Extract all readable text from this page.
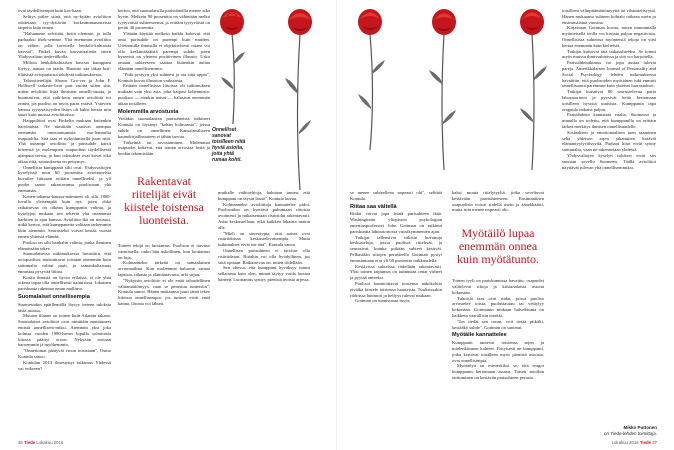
ovat täydellisempiä kuin kos-kaan.

Selitys piilee siinä, että ny-kyään avioliiton odotetaan tyy-dyttävän korkeammanasteisia tarpeita kuin ennen.

"Haluamme selvittää, keitä olemme, ja tulla parhaaksi itsek-semme. Yhä enemmän avioliitto on väline, jolla tavoitella henkilö-kohtaista kasvua", Finkel kuvaa kasvuvaatteita sitten Yhdysvaltain tiedevälkolla.

Milloin henkilökohtaisen kasvun kumppani löytyy, autuas on taattu. Huomio saa takaa brit-tiläisistä avioparisista tehdystä tutkimuksesta.

Taloustieteilijät Shawn Gro-ver ja John F. Helliwell tarkaste-livat pari vuotta sitten sitä, miten avioliitto lisää ihmisten onnelli-suutta, ja huomasivat, että vaik-kein onnen avioliitto toi onnea, jos puoliso on myös paras ystävä. Ystävien kanssa tyytyväisyyden lisäys oli kaksi kertaa niin suuri kuin muissa avioliitoissa.

Haippuliitot ovat Finkelin mukaan kuitenkin harvinaisia. Ne nimittäin vaativat aiempaa enemmän omistautumista mo-lemmilta osapuolilta. Sitä taas ei nykyihmisellä juuri riitä. Yhä useampi avioliitto ja parisuhde kärsii kiireestä ja molempien osapuolten täydellisestä ajanpuut-teesta, ja kun odotukset ovat kovat eikä aikaa riitä, seurauksena on pettymys.

Onnellisia kumppanit silti ovat: Yhdysvaltojen kyselyissä noin 60 prosenttia avioituneista kuvailee liittoaan erittäin onnelliseksi, ja yli puolet sanoo rakastavansa puolisoaan yhä enemmän.

Kenen-tahansa-kanssa-naiminen oli silti 1800-luvulla yleisempää kuin nyt, joten ehkä ratkaisevaa on oikean kumppanin valinta, ja kyselyjen mukaan sen tekevät yhä useammat harkiten ja ajan kanssa. Avioliitto-ikä on noussut, mikä kertoo, että kumppaneita valitaan tarkemmin kuin aiemmin. Seurustelut voivat kestää vuosia ennen yhteistä elämää.

Puoliso on silti hankalin valinta, jonka ihminen elämässään tekee.

Suomalaisessa tutkimuksessa havaittiin, että aviopuolisot muistuttavat toisiaan enemmän kuin sattumalta valitut parit, ja samankaltaisuus ennustaa pysyvää liittoa.

Koska ihmisiä on hyvin erilaisia, ei ole yhtä oikeaa tapaa olla onnellisesti naimisissa. Jokainen pariskunta rakentaa oman mallinsa.

Suomalaiset onnellisempia

Suomestakin epäillemällä löytyy tieteen tuloksia tästä asiasta.

Muuten tilanne on toinen kuin Atlantin takana. Suomalaiset avioliitot ovat nimittäin muuttuneet entistä onnellisem-miksi. Aiemmin yksi joka kolmas vuoden 1980-luvun lopulla solmitusta liitosta päättyi eroon. Nykyään erotaan harvemmin ja myöhemmin.

"Onnettomat päätyvät eroon toisistaan", Osmo Kontula sanoo.

Kontulan 2013 ilmestynyt tutkimus Yhdessä vai erikseen?

kertoo, että suomalaisilla parisuhteilla menee aika hyvin. Melkein 90 prosenttia on vähintään melko tyytyväisiä suhteeseensa, ja erittäin tyytyväisiä on peräti 40 prosenttia.

Ylätään käyttää melkein kaikki kokevat, että oma parisuhde on parempi kuin muiden. Useimmilla ihmisillä ei objektiivisesti ottaen voi olla keskimääräistä parempi suhde, joten kyseessä on yleinen positiivinen illuusio. Usko omaan suhteeseen saattaa kuitenkin auttaa elämään onnellisemmin.

"Pidä pystyyn yksi suhteesi ja ota siitä oppia", Kontula kuvaa illuusion vaikutusta.

Erittäin onnellisissa liitoissa oli tutkimuksen mukaan vain yksi asia, joka kaipasi kohennusta: puolisot — etenkin naiset — halusivat enemmän aikaa toisilleen.

Molemmilla arvostusta

Vieläkin suomalaisten parisuhteista tutkineet Kontula on löytänyt "kehän kolmansia", joissa suhde on onnellinen. Kansainväliseen kaunokirjallisuuteen ei tähän tarvita.

Tärkeintä on arvostaminen. Molemmat osapuolet kokevat, että toinen arvostaa heitä ja heidän tekemisiään.

Rakentavat riitelijät eivät kiistele toistensa luonteista.

Toinen tekijä on luottamus. Puolison ei tarvitse varmistella, onko hän uskollinen, kun luottamus on luja.

Kolmanneksi tärkeää on samanlainen arvomaailma. Kun molemmat haluavat samaa lapsista, rahasta ja elämäntavasta, arki sujuu.

"Nykyisin avioliitto ei ole enää taloudellinen välttämättömyys, vaan se perustuu tunteisiin", Kontula sanoo. Hänen mukaansa juuri tämä tekee liitoista onnellisempia: jos tunteet eivät enää kanna, liitosta voi lähteä.

Onnelliset sanovat toisilleen niitä hyviä asioita, joita yhtä rumaa kohti.

mutkalle vaihtoehtoja, halutaan tuntea, että kumppani on täysin läsnä", Kontula kuvaa.

Kolmanneksi avioliittoja kannattelee pidot. Puolisoiden on kyettävä puhumaan riitoista avoimesti ja ratkaisemaan ristiriidat rakentavasti. Asiat keskustellaan, eikä kaikkea lakaista maton alle.

"Mieli on stereotypia, että naiset ovat ristiriidoissa keskustelevaisempia. Mutta tutkimukset eivät tue tätä", Kontula sanoo.

Onnellisen parisuhteen ei tarvitse olla ristiriidaton. Riitakin voi olla hyödyllinen, jos siitä opitaan. Ratkaisevaa on, miten riidellään.

Sen ohessa, että kumppani hyväksyy minut sellaisena kuin olen, minun täytyy voida luottaa häneen. Luottamus syntyy pienistä teoista arjessa.

se menee suhteelleen nopeasti ohi", selittää Kontula.

Riitaa saa vältellä

Riidat voivat jopa lisätä parisuhteen ikää. Washingtonin yliopiston psykologian emeritusprofessori John Gottman on tutkinut pariskuntia laboratoriossa vuosikymmenien ajan.

Tutkijat tallensivat väkisin kuvattuja keskusteluja, joissa puolisot riitelivät, ja seurasivat, kuinka pitkään suhteet kestivät. Pelkästään riitojen perusteella Gottman pystyi ennustamaan erot yli 90 prosentin tarkkuudella.

Kestävissä suhteissa riidellään rakentavasti. Yksi toinen taipumus on tunnustaa omat virheet ja pyytää anteeksi.

Puolisot kunnioittavat toistensa näkökohtia eivätkä kiistele toistensa luonteista. Tuulisissakin riidoissa huumori ja hellyys tulevat mukaan.

Gottman on tunnistanut myös

kaksi muuta riitelytyyliä, jotka soveltuvat kestävään parisuhteeseen. Ensimmäinen osapuolista voivat riidellä usein ja äänekkäästi, mutta riita menee nopeasti ohi.

Myötäilö lupaa enemmän onnea kuin myötätunto.

Toinen tyyli on pariskunnissa havaittu: osapuolet välttelevät riitoja ja kiistanalaisia asioita kokonaan.

Tuhoisia taas ovat riidat, joissa puoliso arvostelee toista, puolustautuu tai vetäytyy kokonaan. Gottmanin mukaan halveksunta on kaikkein vaarallisin merkki.

"Jos tiedät sen tavan, voit tietää pitkälti, kestääkö suhde", Gottman on sanonut.

Myötäile kannattelee

Kumppanit tuntevat toistensa arjen ja mielenkiinnon kohteet. Erityisesti ne kumppanit, jotka kertovat toisilleen myös pienistä asioista, ovat onnellisimpia.

Myötäilyä on esimerkiksi se, että reagoi kumppanin kertomaan asiaan. Toisen asioihin tarttuminen on kestävän parisuhteen perusta.

toisilleen välinpitämättömyyttä tai vihamielisyyttä. Hänen mukaansa suhteen kohtalo ratkeaa usein jo ensimmäisinä vuosina.

Kirjassaan Gottman kuvaa, miten muutamalla myönteisellä teolla voi korjata paljon negatiivista. Onnellisissa suhteissa myönteisiä tekoja on viisi kertaa enemmän kuin kielteisiä.

Tutkijat kutsuvat tätä taikasuhteeksi. Se toimii myös muissa ihmissuhteissa ja sitä voi harjoitella.

Parisuhdetutkimus voi jopa auttaa tulevia pareja. Amerikkalaisen Journal of Personality and Social Psychology -lehden tutkimuksessa havaittiin, että puolisoiden myötäinen tuki ennusti onnellisuutta paremmin kuin yhteiset harrastukset.

Tutkijat kutsuivat 80 seurustelevaa paria laboratorioon ja pyysivät heitä kertomaan toisilleen hyvistä uutisista. Kumppanin tapa reagoida ratkaisi paljon.

Parisuhdetta kannattaa vaalia. Suomessa ja muualla on todettu, että kumppanilla on erittäin tärkeä merkitys ihmisen onnellisuudelle.

Sosiaalisen ja emotionaalisen tuen saaminen sekä yhteisen arjen jakaminen lisäävät elämäntyytyväisyyttä. Parhaat liitot eivät synny sattumalta, vaan ne rakennetaan yhdessä.

Yhdysvaltojen kyselyn tulokset eivät siis suoraan sovellu Suomeen. Täällä avioliitot näyttävät tulevan yhä onnellisemmiksi.

Mikko Puttonen
on Tiede-lehden toimittaja.
36 Tiede Lokakuu 2016	Lokakuu 2016 Tiede 37
